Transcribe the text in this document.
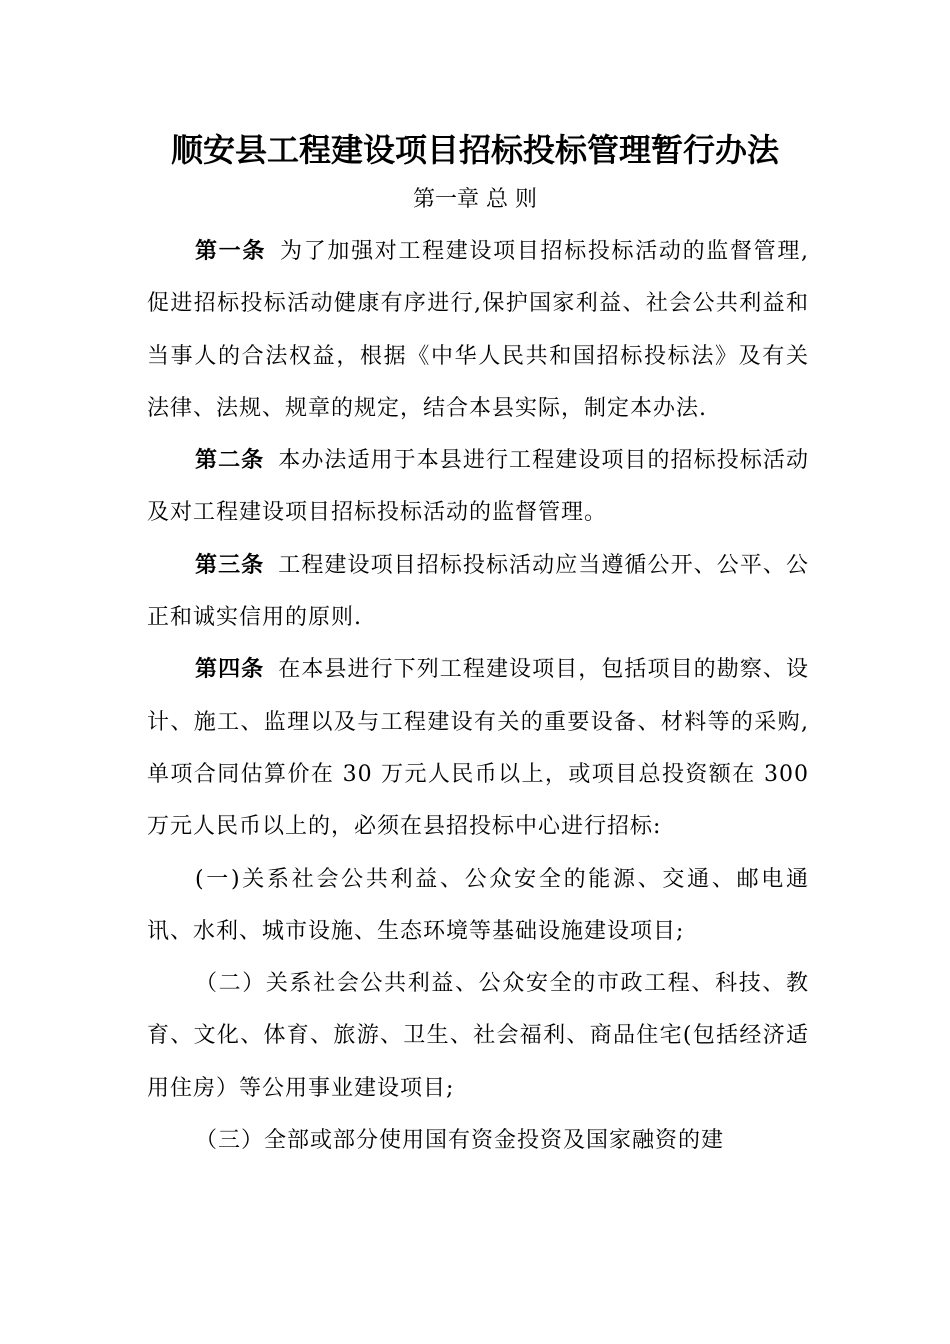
顺安县工程建设项目招标投标管理暂行办法
第一章 总 则

第一条 为了加强对工程建设项目招标投标活动的监督管理,促进招标投标活动健康有序进行,保护国家利益、社会公共利益和当事人的合法权益，根据《中华人民共和国招标投标法》及有关法律、法规、规章的规定，结合本县实际，制定本办法.

第二条 本办法适用于本县进行工程建设项目的招标投标活动及对工程建设项目招标投标活动的监督管理。

第三条 工程建设项目招标投标活动应当遵循公开、公平、公正和诚实信用的原则.

第四条 在本县进行下列工程建设项目，包括项目的勘察、设计、施工、监理以及与工程建设有关的重要设备、材料等的采购,单项合同估算价在 30 万元人民币以上，或项目总投资额在 300 万元人民币以上的，必须在县招投标中心进行招标:

(一)关系社会公共利益、公众安全的能源、交通、邮电通讯、水利、城市设施、生态环境等基础设施建设项目;

（二）关系社会公共利益、公众安全的市政工程、科技、教育、文化、体育、旅游、卫生、社会福利、商品住宅(包括经济适用住房）等公用事业建设项目;

（三）全部或部分使用国有资金投资及国家融资的建
